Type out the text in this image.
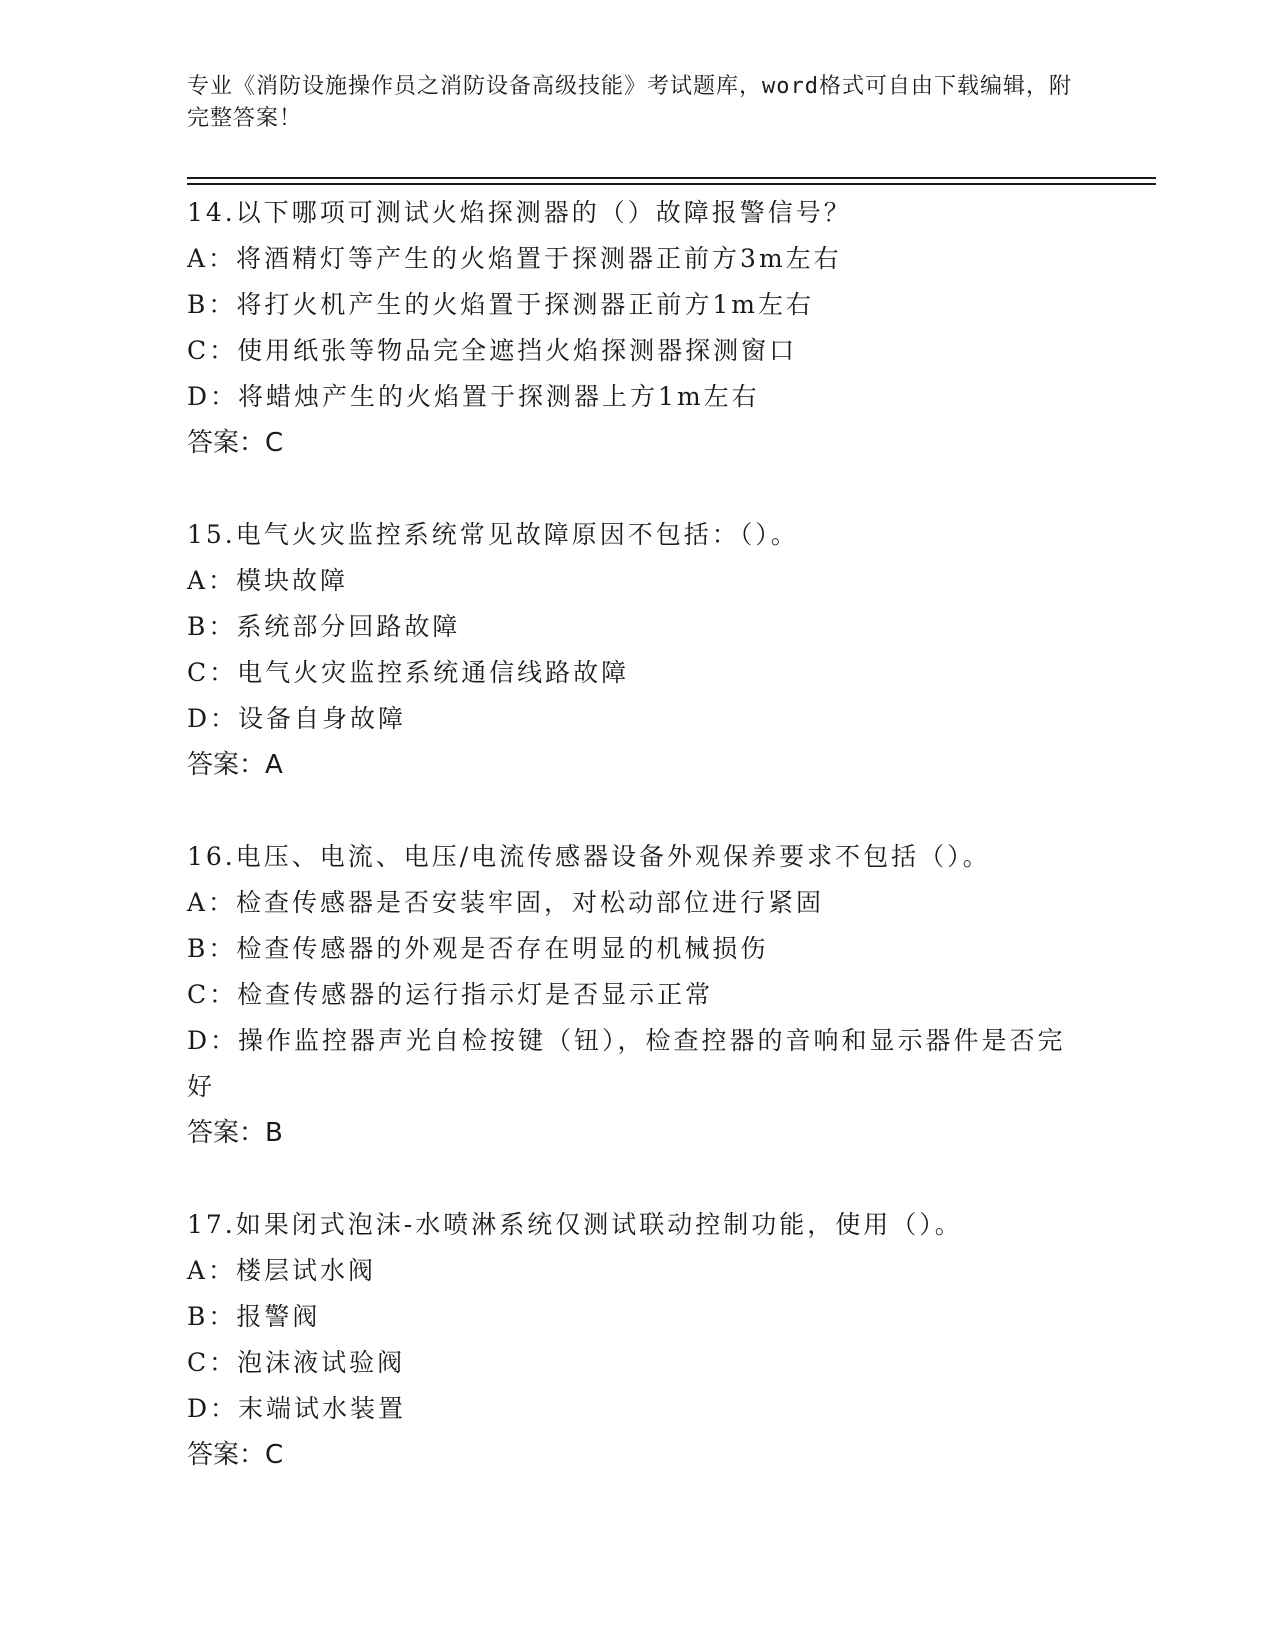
专业《消防设施操作员之消防设备高级技能》考试题库，word格式可自由下载编辑，附完整答案！
14.以下哪项可测试火焰探测器的（）故障报警信号？
A：将酒精灯等产生的火焰置于探测器正前方3m左右
B：将打火机产生的火焰置于探测器正前方1m左右
C：使用纸张等物品完全遮挡火焰探测器探测窗口
D：将蜡烛产生的火焰置于探测器上方1m左右
答案：C
15.电气火灾监控系统常见故障原因不包括：（）。
A：模块故障
B：系统部分回路故障
C：电气火灾监控系统通信线路故障
D：设备自身故障
答案：A
16.电压、电流、电压/电流传感器设备外观保养要求不包括（）。
A：检查传感器是否安装牢固，对松动部位进行紧固
B：检查传感器的外观是否存在明显的机械损伤
C：检查传感器的运行指示灯是否显示正常
D：操作监控器声光自检按键（钮），检查控器的音响和显示器件是否完好
答案：B
17.如果闭式泡沫-水喷淋系统仅测试联动控制功能，使用（）。
A：楼层试水阀
B：报警阀
C：泡沫液试验阀
D：末端试水装置
答案：C
